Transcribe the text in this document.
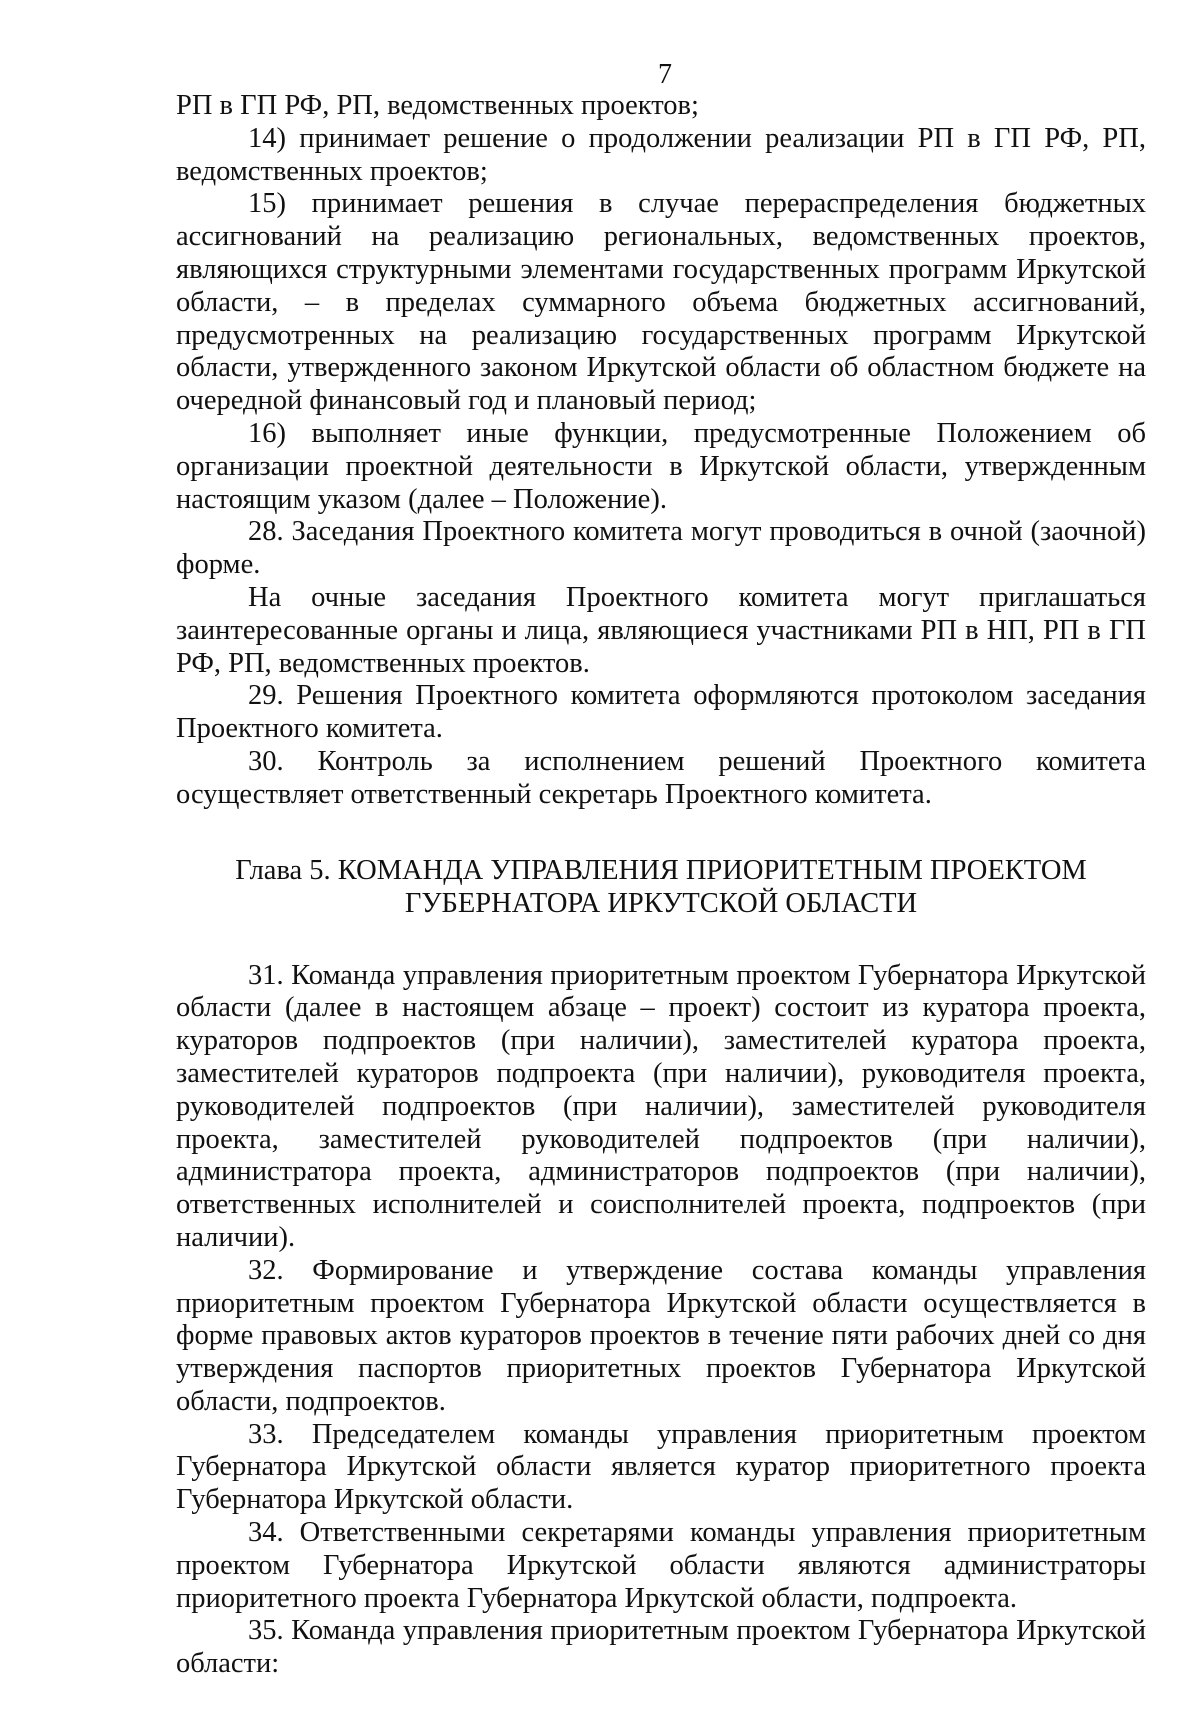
7

РП в ГП РФ, РП, ведомственных проектов;

14) принимает решение о продолжении реализации РП в ГП РФ, РП, ведомственных проектов;

15) принимает решения в случае перераспределения бюджетных ассигнований на реализацию региональных, ведомственных проектов, являющихся структурными элементами государственных программ Иркутской области, – в пределах суммарного объема бюджетных ассигнований, предусмотренных на реализацию государственных программ Иркутской области, утвержденного законом Иркутской области об областном бюджете на очередной финансовый год и плановый период;

16) выполняет иные функции, предусмотренные Положением об организации проектной деятельности в Иркутской области, утвержденным настоящим указом (далее – Положение).

28. Заседания Проектного комитета могут проводиться в очной (заочной) форме.

На очные заседания Проектного комитета могут приглашаться заинтересованные органы и лица, являющиеся участниками РП в НП, РП в ГП РФ, РП, ведомственных проектов.

29. Решения Проектного комитета оформляются протоколом заседания Проектного комитета.

30. Контроль за исполнением решений Проектного комитета осуществляет ответственный секретарь Проектного комитета.

Глава 5. КОМАНДА УПРАВЛЕНИЯ ПРИОРИТЕТНЫМ ПРОЕКТОМ
ГУБЕРНАТОРА ИРКУТСКОЙ ОБЛАСТИ

31. Команда управления приоритетным проектом Губернатора Иркутской области (далее в настоящем абзаце – проект) состоит из куратора проекта, кураторов подпроектов (при наличии), заместителей куратора проекта, заместителей кураторов подпроекта (при наличии), руководителя проекта, руководителей подпроектов (при наличии), заместителей руководителя проекта, заместителей руководителей подпроектов (при наличии), администратора проекта, администраторов подпроектов (при наличии), ответственных исполнителей и соисполнителей проекта, подпроектов (при наличии).

32. Формирование и утверждение состава команды управления приоритетным проектом Губернатора Иркутской области осуществляется в форме правовых актов кураторов проектов в течение пяти рабочих дней со дня утверждения паспортов приоритетных проектов Губернатора Иркутской области, подпроектов.

33. Председателем команды управления приоритетным проектом Губернатора Иркутской области является куратор приоритетного проекта Губернатора Иркутской области.

34. Ответственными секретарями команды управления приоритетным проектом Губернатора Иркутской области являются администраторы приоритетного проекта Губернатора Иркутской области, подпроекта.

35. Команда управления приоритетным проектом Губернатора Иркутской области:
